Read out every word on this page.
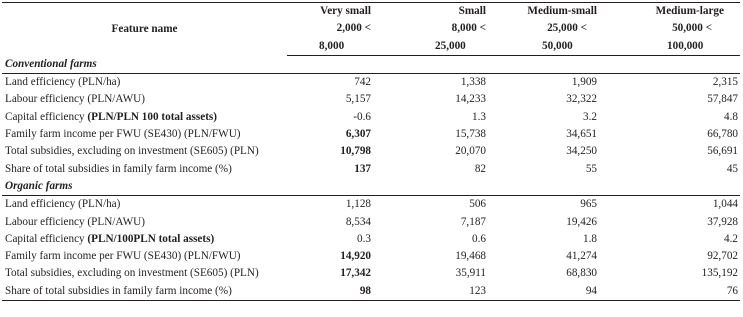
Feature name	Very small	Small	Medium-small	Medium-large
	2,000 <	8,000 <	25,000 <	50,000 <
	8,000	25,000	50,000	100,000
Conventional farms				
Land efficiency (PLN/ha)	742	1,338	1,909	2,315
Labour efficiency (PLN/AWU)	5,157	14,233	32,322	57,847
Capital efficiency (PLN/PLN 100 total assets)	-0.6	1.3	3.2	4.8
Family farm income per FWU (SE430) (PLN/FWU)	6,307	15,738	34,651	66,780
Total subsidies, excluding on investment (SE605) (PLN)	10,798	20,070	34,250	56,691
Share of total subsidies in family farm income (%)	137	82	55	45
Organic farms				
Land efficiency (PLN/ha)	1,128	506	965	1,044
Labour efficiency (PLN/AWU)	8,534	7,187	19,426	37,928
Capital efficiency (PLN/100PLN total assets)	0.3	0.6	1.8	4.2
Family farm income per FWU (SE430) (PLN/FWU)	14,920	19,468	41,274	92,702
Total subsidies, excluding on investment (SE605) (PLN)	17,342	35,911	68,830	135,192
Share of total subsidies in family farm income (%)	98	123	94	76
